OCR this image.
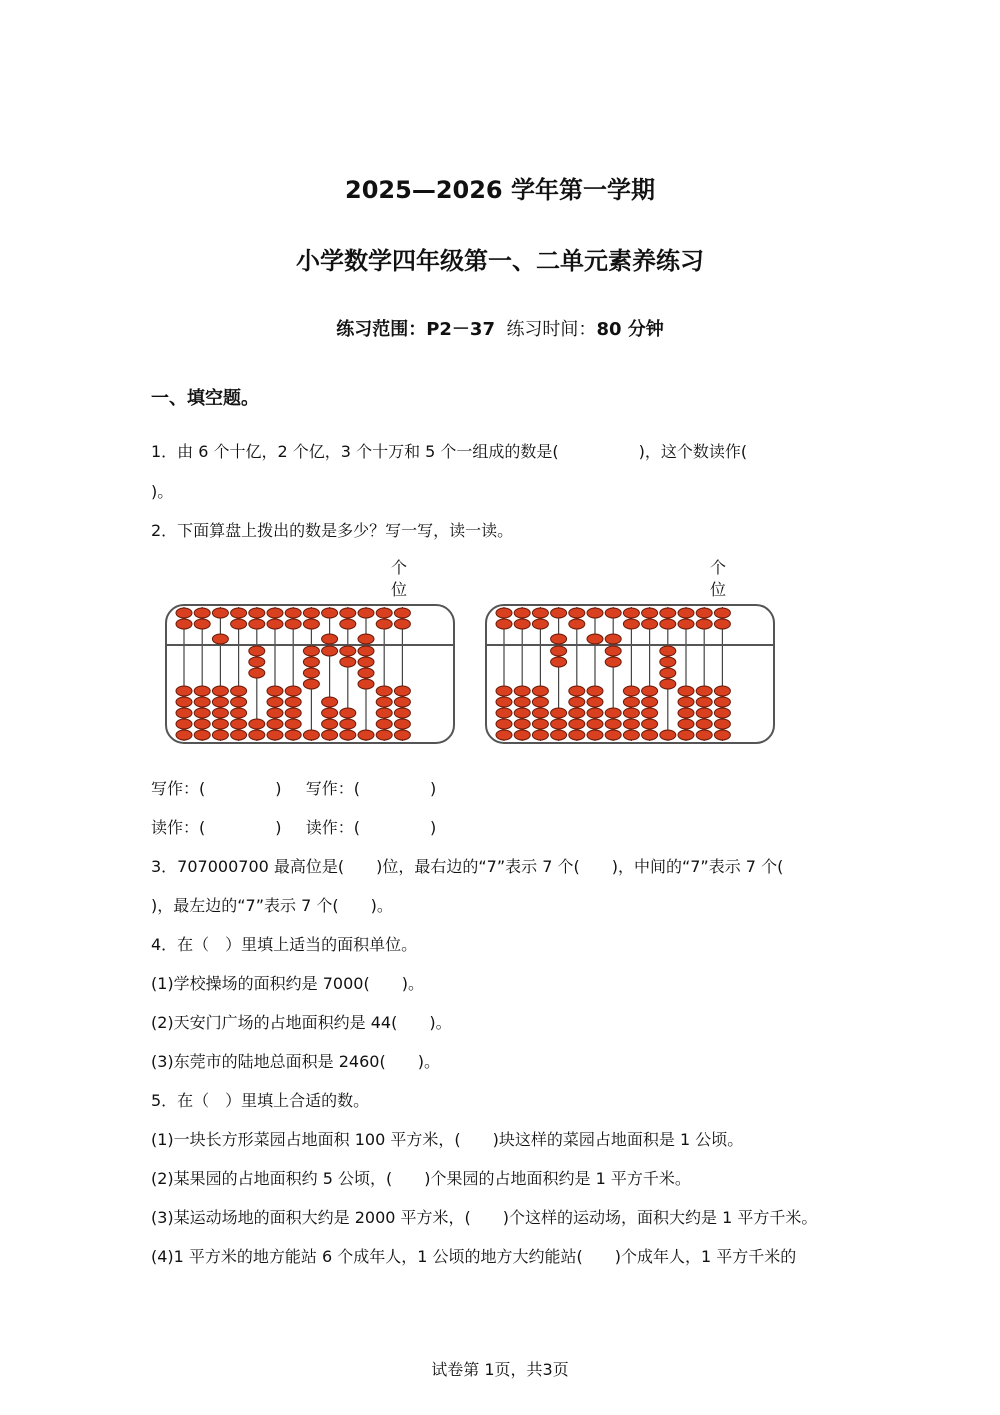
2025—2026 学年第一学期
小学数学四年级第一、二单元素养练习
练习范围：P2－37 练习时间：80 分钟
一、填空题。
1．由 6 个十亿，2 个亿，3 个十万和 5 个一组成的数是(　　　　　)，这个数读作(
)。
2．下面算盘上拨出的数是多少？写一写，读一读。
个
位
个
位
写作：(	) 写作：(	)
读作：(	) 读作：(	)
3．707000700 最高位是(　　)位，最右边的“7”表示 7 个(　　)，中间的“7”表示 7 个(
)，最左边的“7”表示 7 个(　　)。
4．在（　）里填上适当的面积单位。
(1)学校操场的面积约是 7000(　　)。
(2)天安门广场的占地面积约是 44(　　)。
(3)东莞市的陆地总面积是 2460(　　)。
5．在（　）里填上合适的数。
(1)一块长方形菜园占地面积 100 平方米，(　　)块这样的菜园占地面积是 1 公顷。
(2)某果园的占地面积约 5 公顷，(　　)个果园的占地面积约是 1 平方千米。
(3)某运动场地的面积大约是 2000 平方米，(　　)个这样的运动场，面积大约是 1 平方千米。
(4)1 平方米的地方能站 6 个成年人，1 公顷的地方大约能站(　　)个成年人，1 平方千米的
试卷第 1页，共3页
